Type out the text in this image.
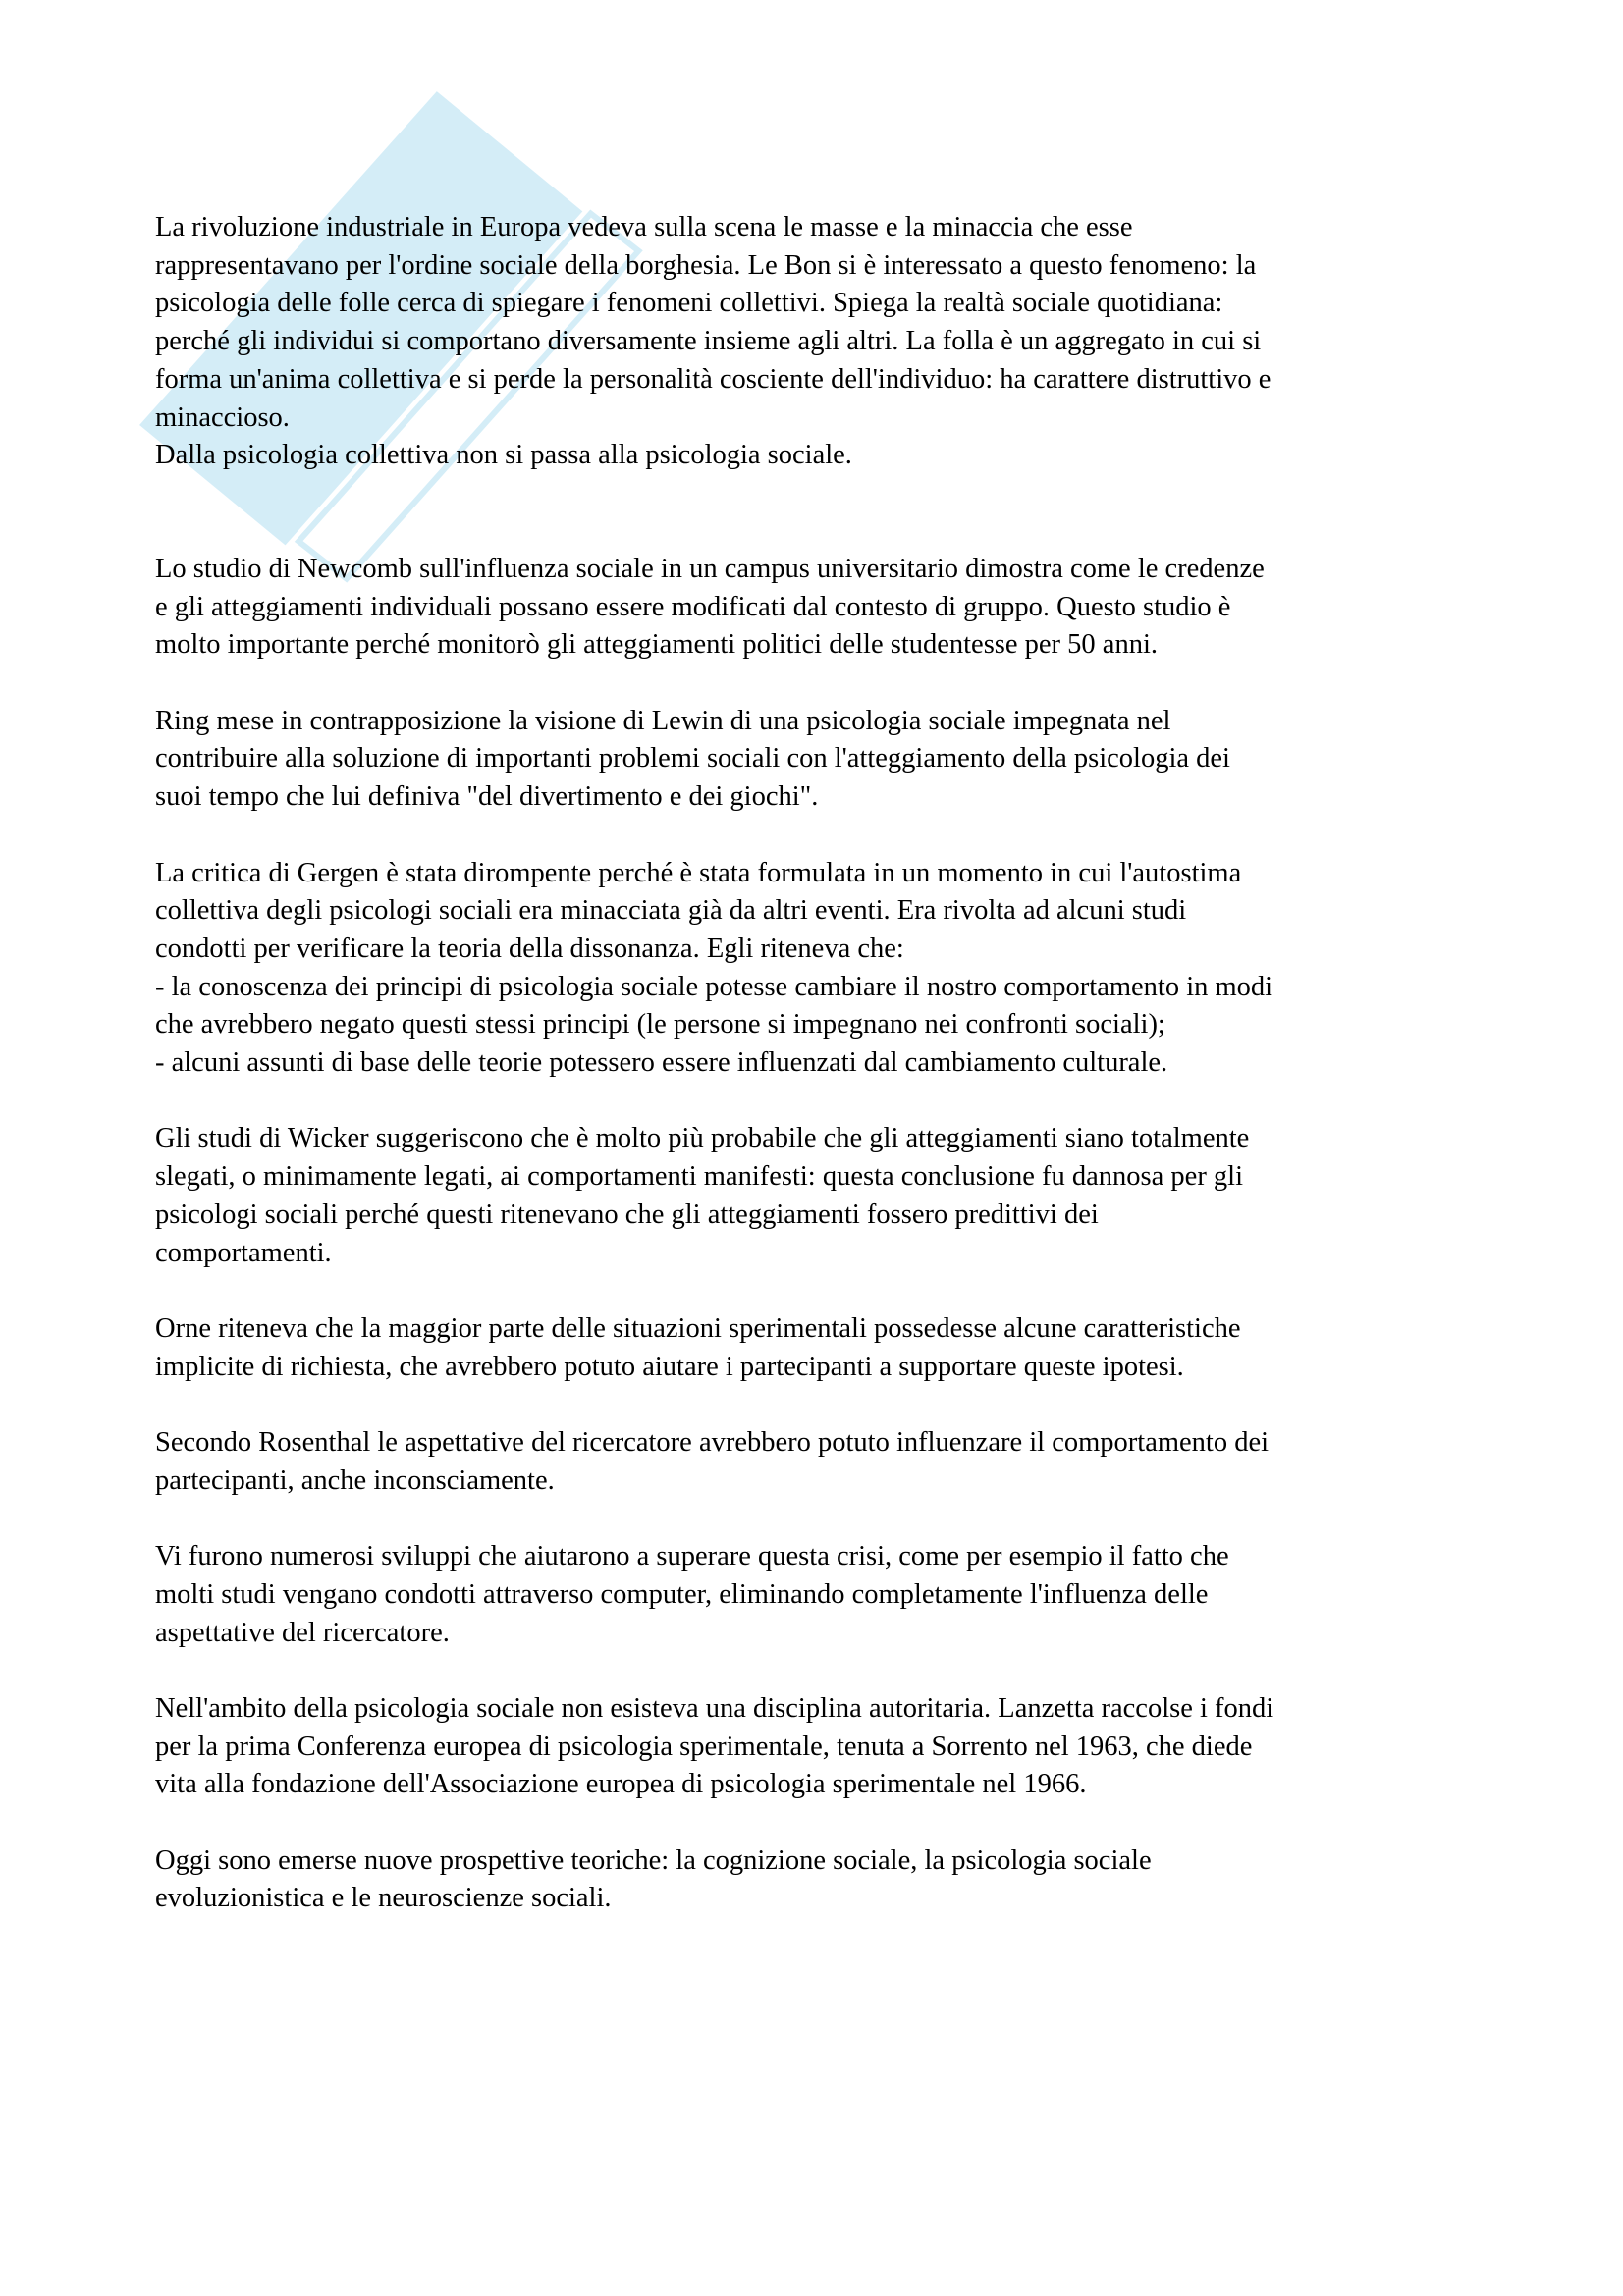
La rivoluzione industriale in Europa vedeva sulla scena le masse e la minaccia che esse
rappresentavano per l'ordine sociale della borghesia. Le Bon si è interessato a questo fenomeno: la
psicologia delle folle cerca di spiegare i fenomeni collettivi. Spiega la realtà sociale quotidiana:
perché gli individui si comportano diversamente insieme agli altri. La folla è un aggregato in cui si
forma un'anima collettiva e si perde la personalità cosciente dell'individuo: ha carattere distruttivo e
minaccioso.

Dalla psicologia collettiva non si passa alla psicologia sociale.

Lo studio di Newcomb sull'influenza sociale in un campus universitario dimostra come le credenze
e gli atteggiamenti individuali possano essere modificati dal contesto di gruppo. Questo studio è
molto importante perché monitorò gli atteggiamenti politici delle studentesse per 50 anni.

Ring mese in contrapposizione la visione di Lewin di una psicologia sociale impegnata nel
contribuire alla soluzione di importanti problemi sociali con l'atteggiamento della psicologia dei
suoi tempo che lui definiva "del divertimento e dei giochi".

La critica di Gergen è stata dirompente perché è stata formulata in un momento in cui l'autostima
collettiva degli psicologi sociali era minacciata già da altri eventi. Era rivolta ad alcuni studi
condotti per verificare la teoria della dissonanza. Egli riteneva che:
- la conoscenza dei principi di psicologia sociale potesse cambiare il nostro comportamento in modi
che avrebbero negato questi stessi principi (le persone si impegnano nei confronti sociali);
- alcuni assunti di base delle teorie potessero essere influenzati dal cambiamento culturale.

Gli studi di Wicker suggeriscono che è molto più probabile che gli atteggiamenti siano totalmente
slegati, o minimamente legati, ai comportamenti manifesti: questa conclusione fu dannosa per gli
psicologi sociali perché questi ritenevano che gli atteggiamenti fossero predittivi dei
comportamenti.

Orne riteneva che la maggior parte delle situazioni sperimentali possedesse alcune caratteristiche
implicite di richiesta, che avrebbero potuto aiutare i partecipanti a supportare queste ipotesi.

Secondo Rosenthal le aspettative del ricercatore avrebbero potuto influenzare il comportamento dei
partecipanti, anche inconsciamente.

Vi furono numerosi sviluppi che aiutarono a superare questa crisi, come per esempio il fatto che
molti studi vengano condotti attraverso computer, eliminando completamente l'influenza delle
aspettative del ricercatore.

Nell'ambito della psicologia sociale non esisteva una disciplina autoritaria. Lanzetta raccolse i fondi
per la prima Conferenza europea di psicologia sperimentale, tenuta a Sorrento nel 1963, che diede
vita alla fondazione dell'Associazione europea di psicologia sperimentale nel 1966.

Oggi sono emerse nuove prospettive teoriche: la cognizione sociale, la psicologia sociale
evoluzionistica e le neuroscienze sociali.
